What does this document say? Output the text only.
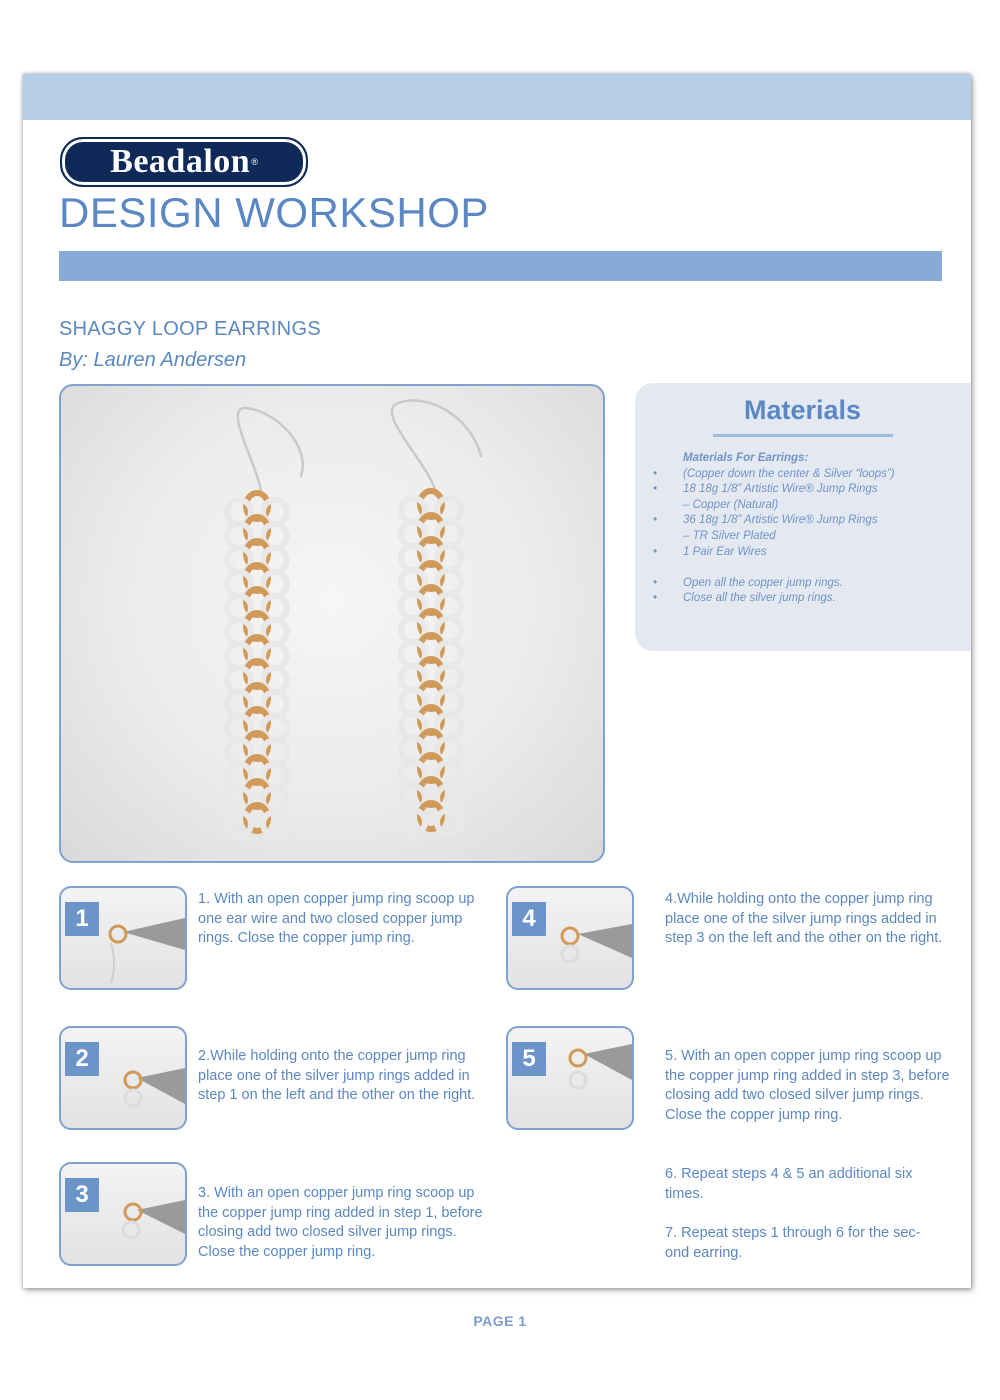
Beadalon ®
DESIGN WORKSHOP
SHAGGY LOOP EARRINGS
By: Lauren Andersen
Materials
Materials For Earrings:
• (Copper down the center & Silver “loops”)
• 18 18g 1/8” Artistic Wire® Jump Rings
– Copper (Natural)
• 36 18g 1/8” Artistic Wire® Jump Rings
– TR Silver Plated
• 1 Pair Ear Wires
• Open all the copper jump rings.
• Close all the silver jump rings.
1
1. With an open copper jump ring scoop up one ear wire and two closed copper jump rings. Close the copper jump ring.
2	2.While holding onto the copper jump ring place one of the silver jump rings added in step 1 on the left and the other on the right.
3	3. With an open copper jump ring scoop up the copper jump ring added in step 1, before closing add two closed silver jump rings. Close the copper jump ring.
4
4.While holding onto the copper jump ring place one of the silver jump rings added in step 3 on the left and the other on the right.
5	5. With an open copper jump ring scoop up the copper jump ring added in step 3, before closing add two closed silver jump rings. Close the copper jump ring.
6. Repeat steps 4 & 5 an additional six times.
7. Repeat steps 1 through 6 for the sec-ond earring.
PAGE 1
